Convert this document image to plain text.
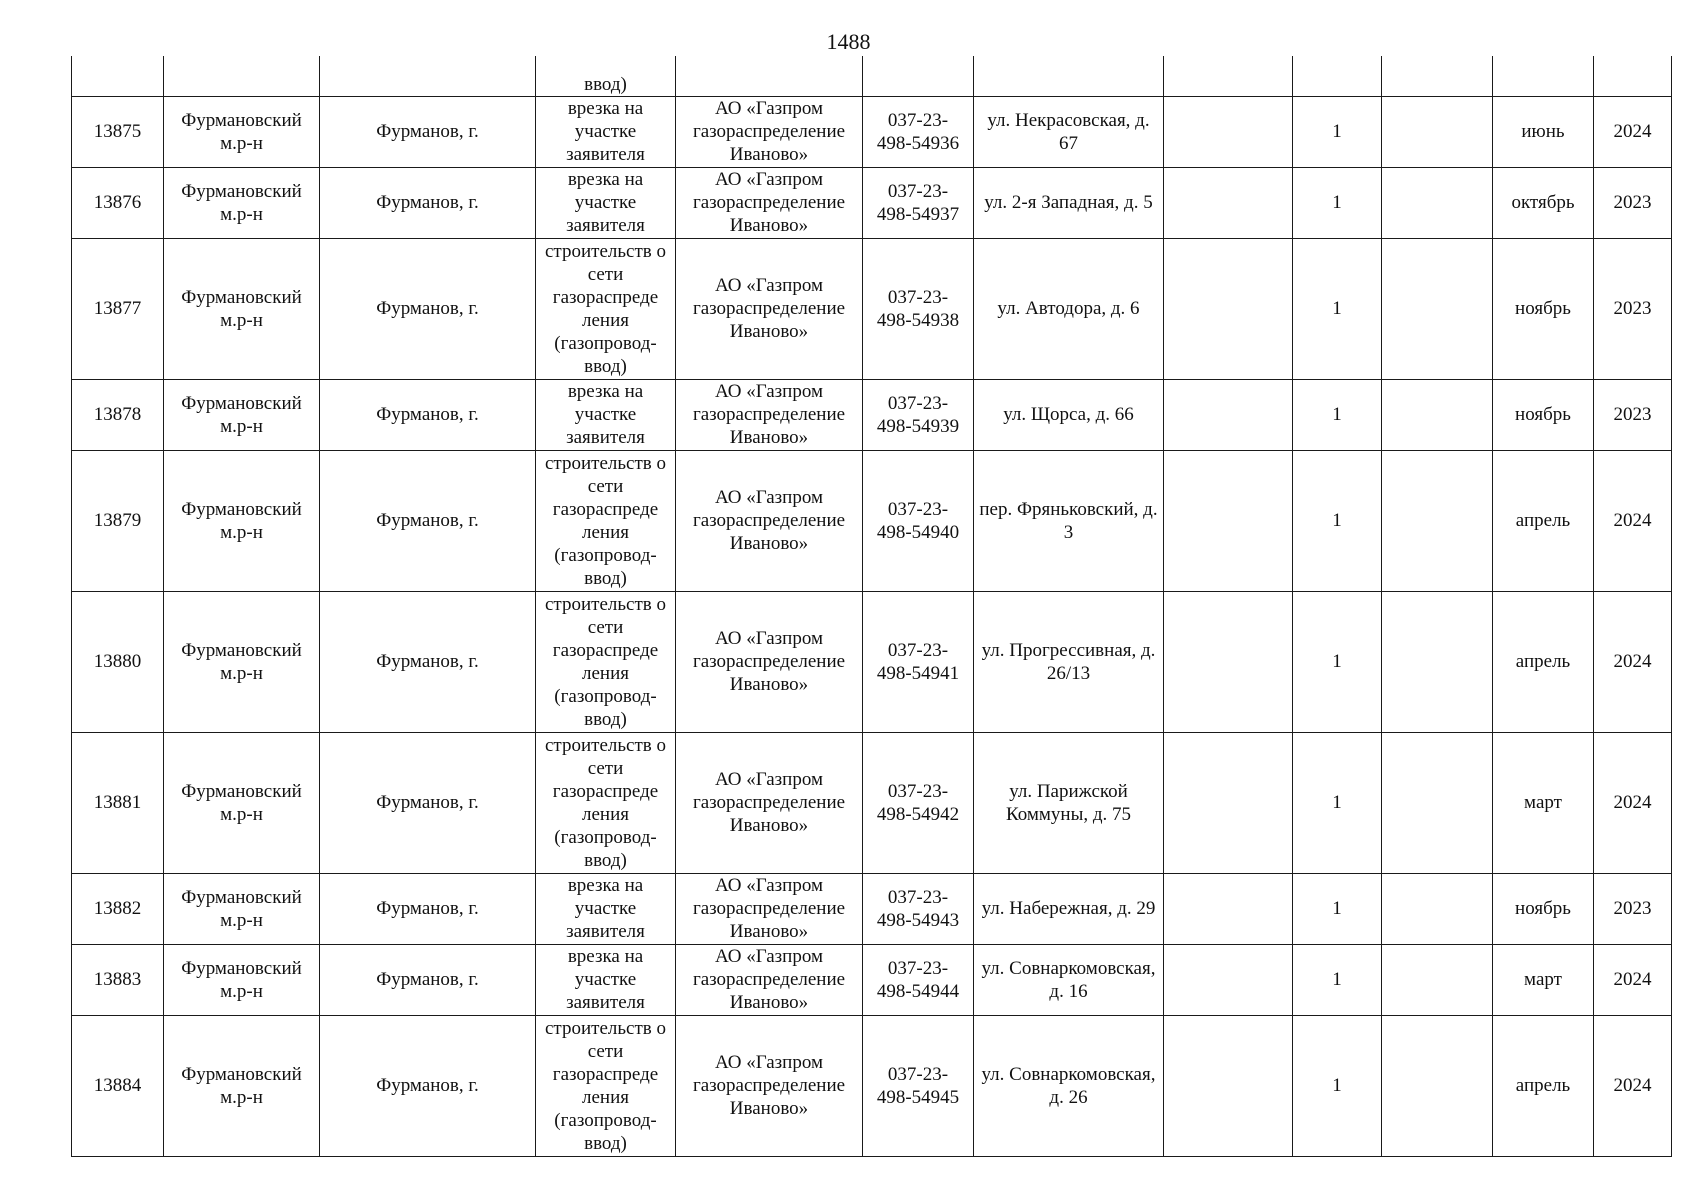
1488
			ввод)								
13875	Фурмановский
м.р-н	Фурманов, г.	врезка на участке заявителя	АО «Газпром
газораспределение
Иваново»	037-23-
498-54936	ул. Некрасовская, д. 67		1		июнь	2024
13876	Фурмановский
м.р-н	Фурманов, г.	врезка на участке заявителя	АО «Газпром
газораспределение
Иваново»	037-23-
498-54937	ул. 2-я Западная, д. 5		1		октябрь	2023
13877	Фурмановский
м.р-н	Фурманов, г.	строительств о сети газораспреде ления (газопровод-ввод)	АО «Газпром
газораспределение
Иваново»	037-23-
498-54938	ул. Автодора, д. 6		1		ноябрь	2023
13878	Фурмановский
м.р-н	Фурманов, г.	врезка на участке заявителя	АО «Газпром
газораспределение
Иваново»	037-23-
498-54939	ул. Щорса, д. 66		1		ноябрь	2023
13879	Фурмановский
м.р-н	Фурманов, г.	строительств о сети газораспреде ления (газопровод-ввод)	АО «Газпром
газораспределение
Иваново»	037-23-
498-54940	пер. Фряньковский, д. 3		1		апрель	2024
13880	Фурмановский
м.р-н	Фурманов, г.	строительств о сети газораспреде ления (газопровод-ввод)	АО «Газпром
газораспределение
Иваново»	037-23-
498-54941	ул. Прогрессивная, д. 26/13		1		апрель	2024
13881	Фурмановский
м.р-н	Фурманов, г.	строительств о сети газораспреде ления (газопровод-ввод)	АО «Газпром
газораспределение
Иваново»	037-23-
498-54942	ул. Парижской Коммуны, д. 75		1		март	2024
13882	Фурмановский
м.р-н	Фурманов, г.	врезка на участке заявителя	АО «Газпром
газораспределение
Иваново»	037-23-
498-54943	ул. Набережная, д. 29		1		ноябрь	2023
13883	Фурмановский
м.р-н	Фурманов, г.	врезка на участке заявителя	АО «Газпром
газораспределение
Иваново»	037-23-
498-54944	ул. Совнаркомовская, д. 16		1		март	2024
13884	Фурмановский
м.р-н	Фурманов, г.	строительств о сети газораспреде ления (газопровод-ввод)	АО «Газпром
газораспределение
Иваново»	037-23-
498-54945	ул. Совнаркомовская, д. 26		1		апрель	2024
